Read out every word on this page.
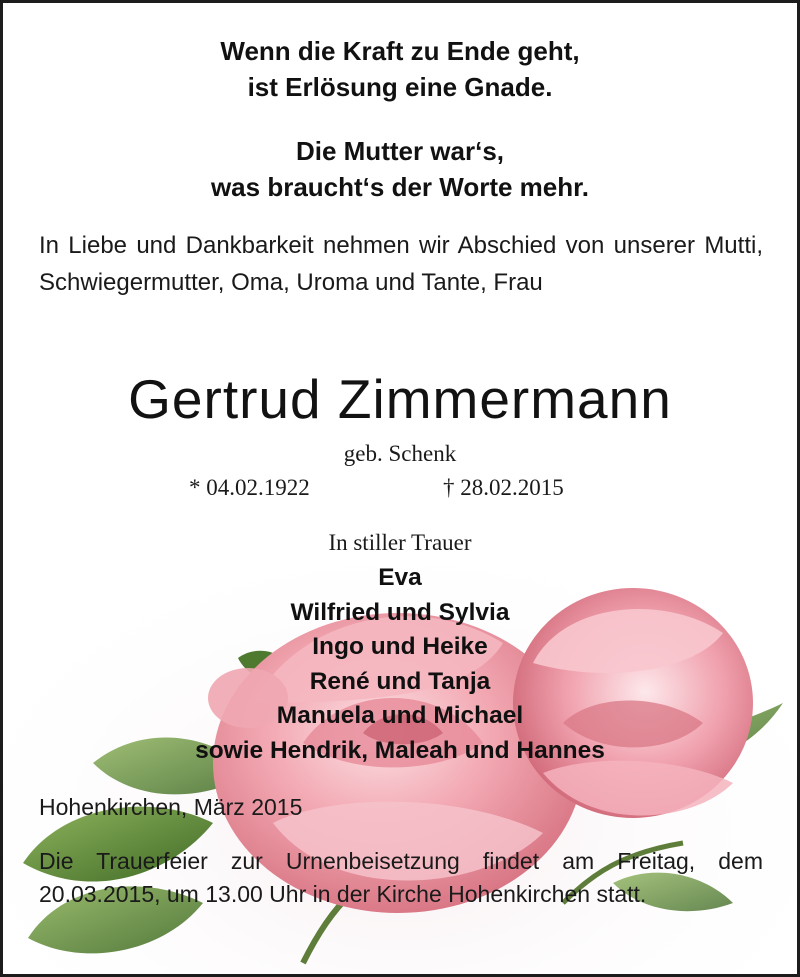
Wenn die Kraft zu Ende geht,
ist Erlösung eine Gnade.
Die Mutter war‘s,
was braucht‘s der Worte mehr.
In Liebe und Dankbarkeit nehmen wir Abschied von unserer Mutti, Schwiegermutter, Oma, Uroma und Tante, Frau
Gertrud Zimmermann
geb. Schenk
* 04.02.1922	† 28.02.2015
In stiller Trauer
Eva
Wilfried und Sylvia
Ingo und Heike
René und Tanja
Manuela und Michael
sowie Hendrik, Maleah und Hannes
Hohenkirchen, März 2015
Die Trauerfeier zur Urnenbeisetzung findet am Freitag, dem 20.03.2015, um 13.00 Uhr in der Kirche Hohenkirchen statt.
